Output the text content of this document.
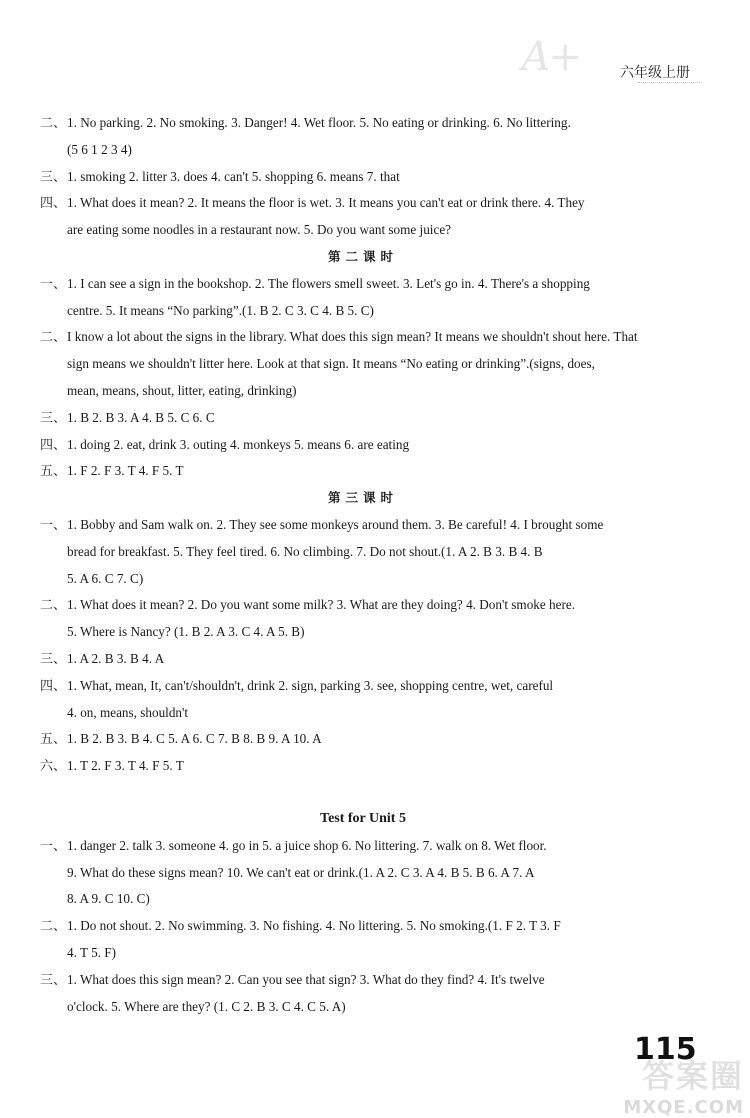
A+	六年级上册
二、1. No parking. 2. No smoking. 3. Danger! 4. Wet floor. 5. No eating or drinking. 6. No littering.
(5 6 1 2 3 4)
三、1. smoking 2. litter 3. does 4. can't 5. shopping 6. means 7. that
四、1. What does it mean? 2. It means the floor is wet. 3. It means you can't eat or drink there. 4. They
are eating some noodles in a restaurant now. 5. Do you want some juice?
第二课时
一、1. I can see a sign in the bookshop. 2. The flowers smell sweet. 3. Let's go in. 4. There's a shopping
centre. 5. It means “No parking”.(1. B 2. C 3. C 4. B 5. C)
二、I know a lot about the signs in the library. What does this sign mean? It means we shouldn't shout here. That
sign means we shouldn't litter here. Look at that sign. It means “No eating or drinking”.(signs, does,
mean, means, shout, litter, eating, drinking)
三、1. B 2. B 3. A 4. B 5. C 6. C
四、1. doing 2. eat, drink 3. outing 4. monkeys 5. means 6. are eating
五、1. F 2. F 3. T 4. F 5. T
第三课时
一、1. Bobby and Sam walk on. 2. They see some monkeys around them. 3. Be careful! 4. I brought some
bread for breakfast. 5. They feel tired. 6. No climbing. 7. Do not shout.(1. A 2. B 3. B 4. B
5. A 6. C 7. C)
二、1. What does it mean? 2. Do you want some milk? 3. What are they doing? 4. Don't smoke here.
5. Where is Nancy? (1. B 2. A 3. C 4. A 5. B)
三、1. A 2. B 3. B 4. A
四、1. What, mean, It, can't/shouldn't, drink 2. sign, parking 3. see, shopping centre, wet, careful
4. on, means, shouldn't
五、1. B 2. B 3. B 4. C 5. A 6. C 7. B 8. B 9. A 10. A
六、1. T 2. F 3. T 4. F 5. T
Test for Unit 5
一、1. danger 2. talk 3. someone 4. go in 5. a juice shop 6. No littering. 7. walk on 8. Wet floor.
9. What do these signs mean? 10. We can't eat or drink.(1. A 2. C 3. A 4. B 5. B 6. A 7. A
8. A 9. C 10. C)
二、1. Do not shout. 2. No swimming. 3. No fishing. 4. No littering. 5. No smoking.(1. F 2. T 3. F
4. T 5. F)
三、1. What does this sign mean? 2. Can you see that sign? 3. What do they find? 4. It's twelve
o'clock. 5. Where are they? (1. C 2. B 3. C 4. C 5. A)
115
答案圈
MXQE.COM
